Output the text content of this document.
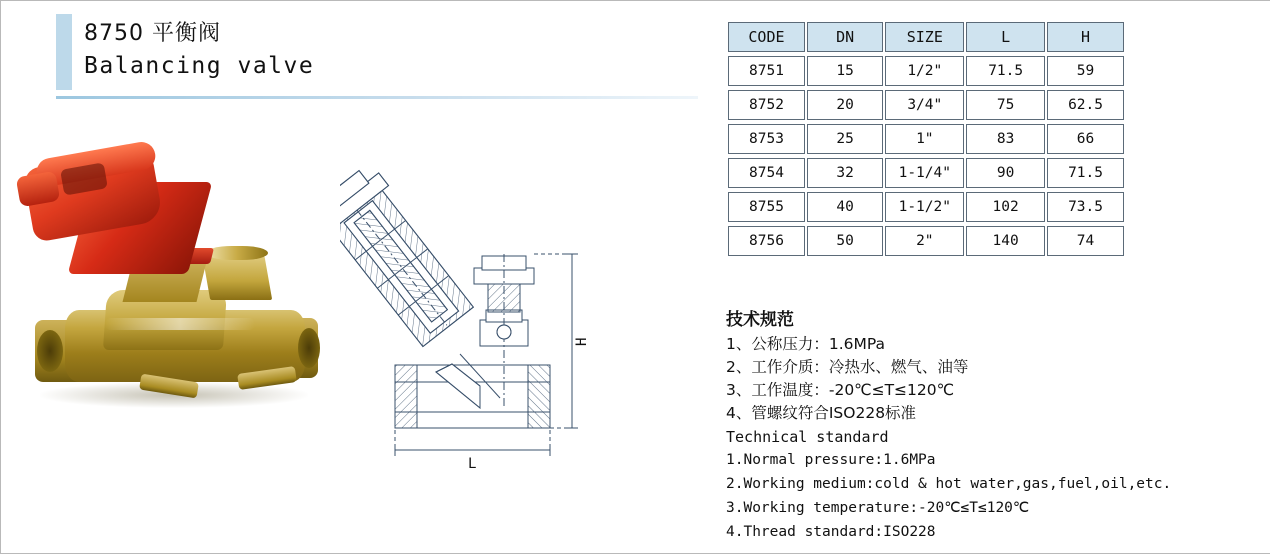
8750 平衡阀
Balancing valve
H
L
CODE	DN	SIZE	L	H
8751	15	1/2"	71.5	59
8752	20	3/4"	75	62.5
8753	25	1"	83	66
8754	32	1-1/4"	90	71.5
8755	40	1-1/2"	102	73.5
8756	50	2"	140	74
技术规范
1、公称压力：1.6MPa
2、工作介质：冷热水、燃气、油等
3、工作温度：-20℃≤T≤120℃
4、管螺纹符合ISO228标准
Technical standard
1.Normal pressure:1.6MPa
2.Working medium:cold & hot water,gas,fuel,oil,etc.
3.Working temperature:-20℃≤T≤120℃
4.Thread standard:ISO228
